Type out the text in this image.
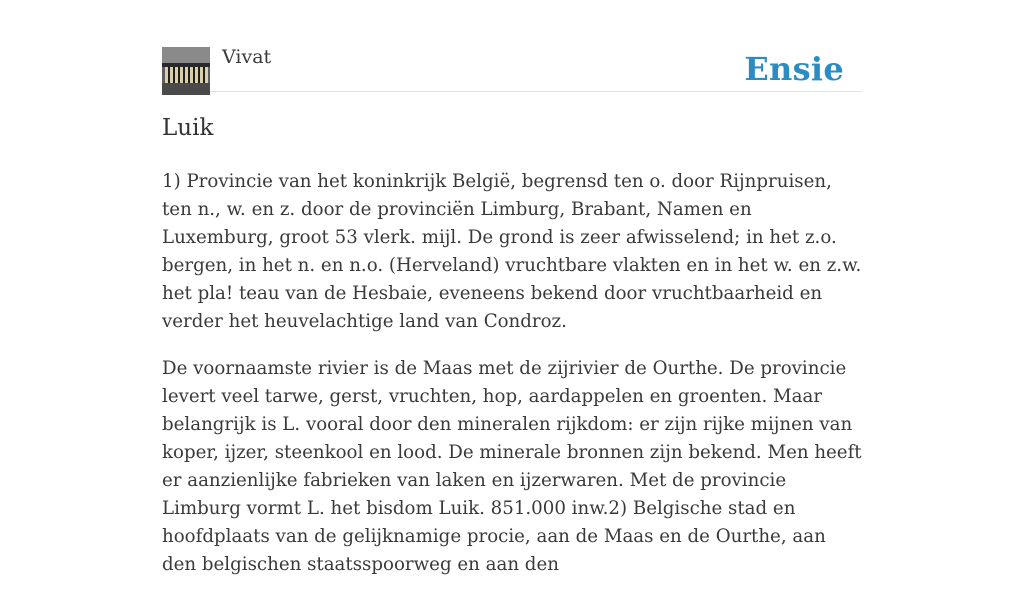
Vivat	Ensie
Luik

1) Provincie van het koninkrijk België, begrensd ten o. door Rijnpruisen, ten n., w. en z. door de provinciën Limburg, Brabant, Namen en Luxemburg, groot 53 vlerk. mijl. De grond is zeer afwisselend; in het z.o. bergen, in het n. en n.o. (Herveland) vruchtbare vlakten en in het w. en z.w. het pla! teau van de Hesbaie, eveneens bekend door vruchtbaarheid en verder het heuvelachtige land van Condroz.

De voornaamste rivier is de Maas met de zijrivier de Ourthe. De provincie levert veel tarwe, gerst, vruchten, hop, aardappelen en groenten. Maar belangrijk is L. vooral door den mineralen rijkdom: er zijn rijke mijnen van koper, ijzer, steenkool en lood. De minerale bronnen zijn bekend. Men heeft er aanzienlijke fabrieken van laken en ijzerwaren. Met de provincie Limburg vormt L. het bisdom Luik. 851.000 inw.2) Belgische stad en hoofdplaats van de gelijknamige procie, aan de Maas en de Ourthe, aan den belgischen staatsspoorweg en aan den
